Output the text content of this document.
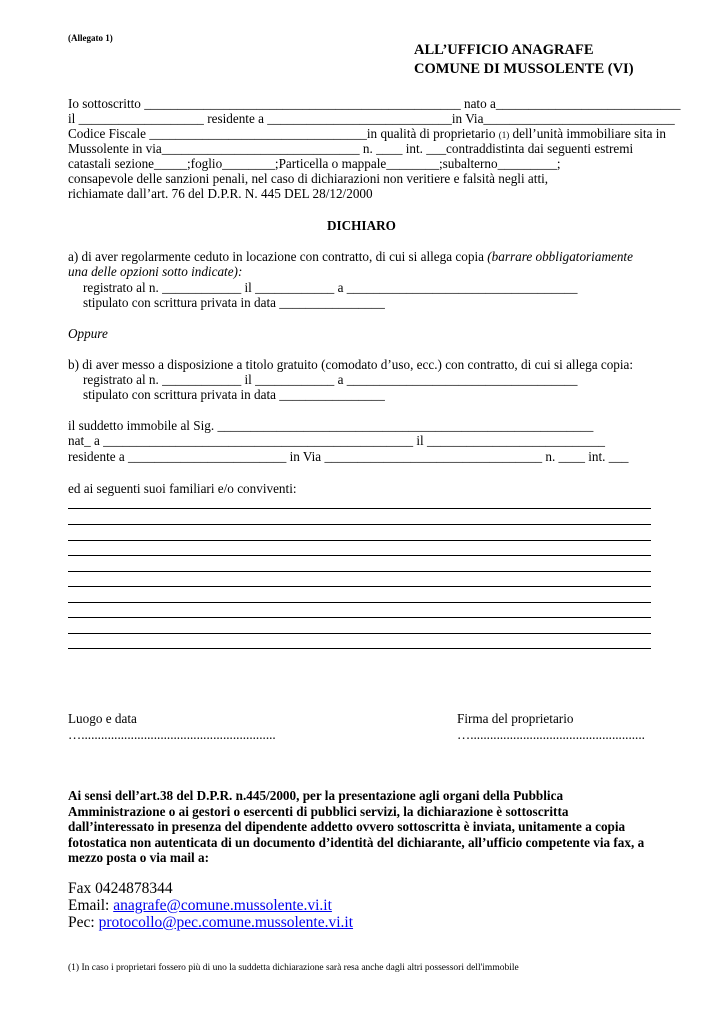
(Allegato 1)
ALL’UFFICIO ANAGRAFE
COMUNE DI MUSSOLENTE (VI)
Io sottoscritto ________________________________________________ nato a____________________________
il ___________________ residente a ____________________________in Via_____________________________
Codice Fiscale _________________________________in qualità di proprietario (1) dell’unità immobiliare sita in
Mussolente in via______________________________ n. ____ int. ___contraddistinta dai seguenti estremi
catastali sezione_____;foglio________;Particella o mappale________;subalterno_________;
consapevole delle sanzioni penali, nel caso di dichiarazioni non veritiere e falsità negli atti,
richiamate dall’art. 76 del D.P.R. N. 445 DEL 28/12/2000
DICHIARO
a) di aver regolarmente ceduto in locazione con contratto, di cui si allega copia (barrare obbligatoriamente
una delle opzioni sotto indicate):
registrato al n. ____________ il ____________ a ___________________________________
stipulato con scrittura privata in data ________________
Oppure
b) di aver messo a disposizione a titolo gratuito (comodato d’uso, ecc.) con contratto, di cui si allega copia:
registrato al n. ____________ il ____________ a ___________________________________
stipulato con scrittura privata in data ________________
il suddetto immobile al Sig. _________________________________________________________
nat_ a _______________________________________________ il ___________________________
residente a ________________________ in Via _________________________________ n. ____ int. ___
ed ai seguenti suoi familiari e/o conviventi:
Luogo e data
…...........................................................
Firma del proprietario
….....................................................
Ai sensi dell’art.38 del D.P.R. n.445/2000, per la presentazione agli organi della Pubblica
Amministrazione o ai gestori o esercenti di pubblici servizi, la dichiarazione è sottoscritta
dall’interessato in presenza del dipendente addetto ovvero sottoscritta è inviata, unitamente a copia
fotostatica non autenticata di un documento d’identità del dichiarante, all’ufficio competente via fax, a
mezzo posta o via mail a:
Fax 0424878344
Email: anagrafe@comune.mussolente.vi.it
Pec: protocollo@pec.comune.mussolente.vi.it
(1) In caso i proprietari fossero più di uno la suddetta dichiarazione sarà resa anche dagli altri possessori dell'immobile
